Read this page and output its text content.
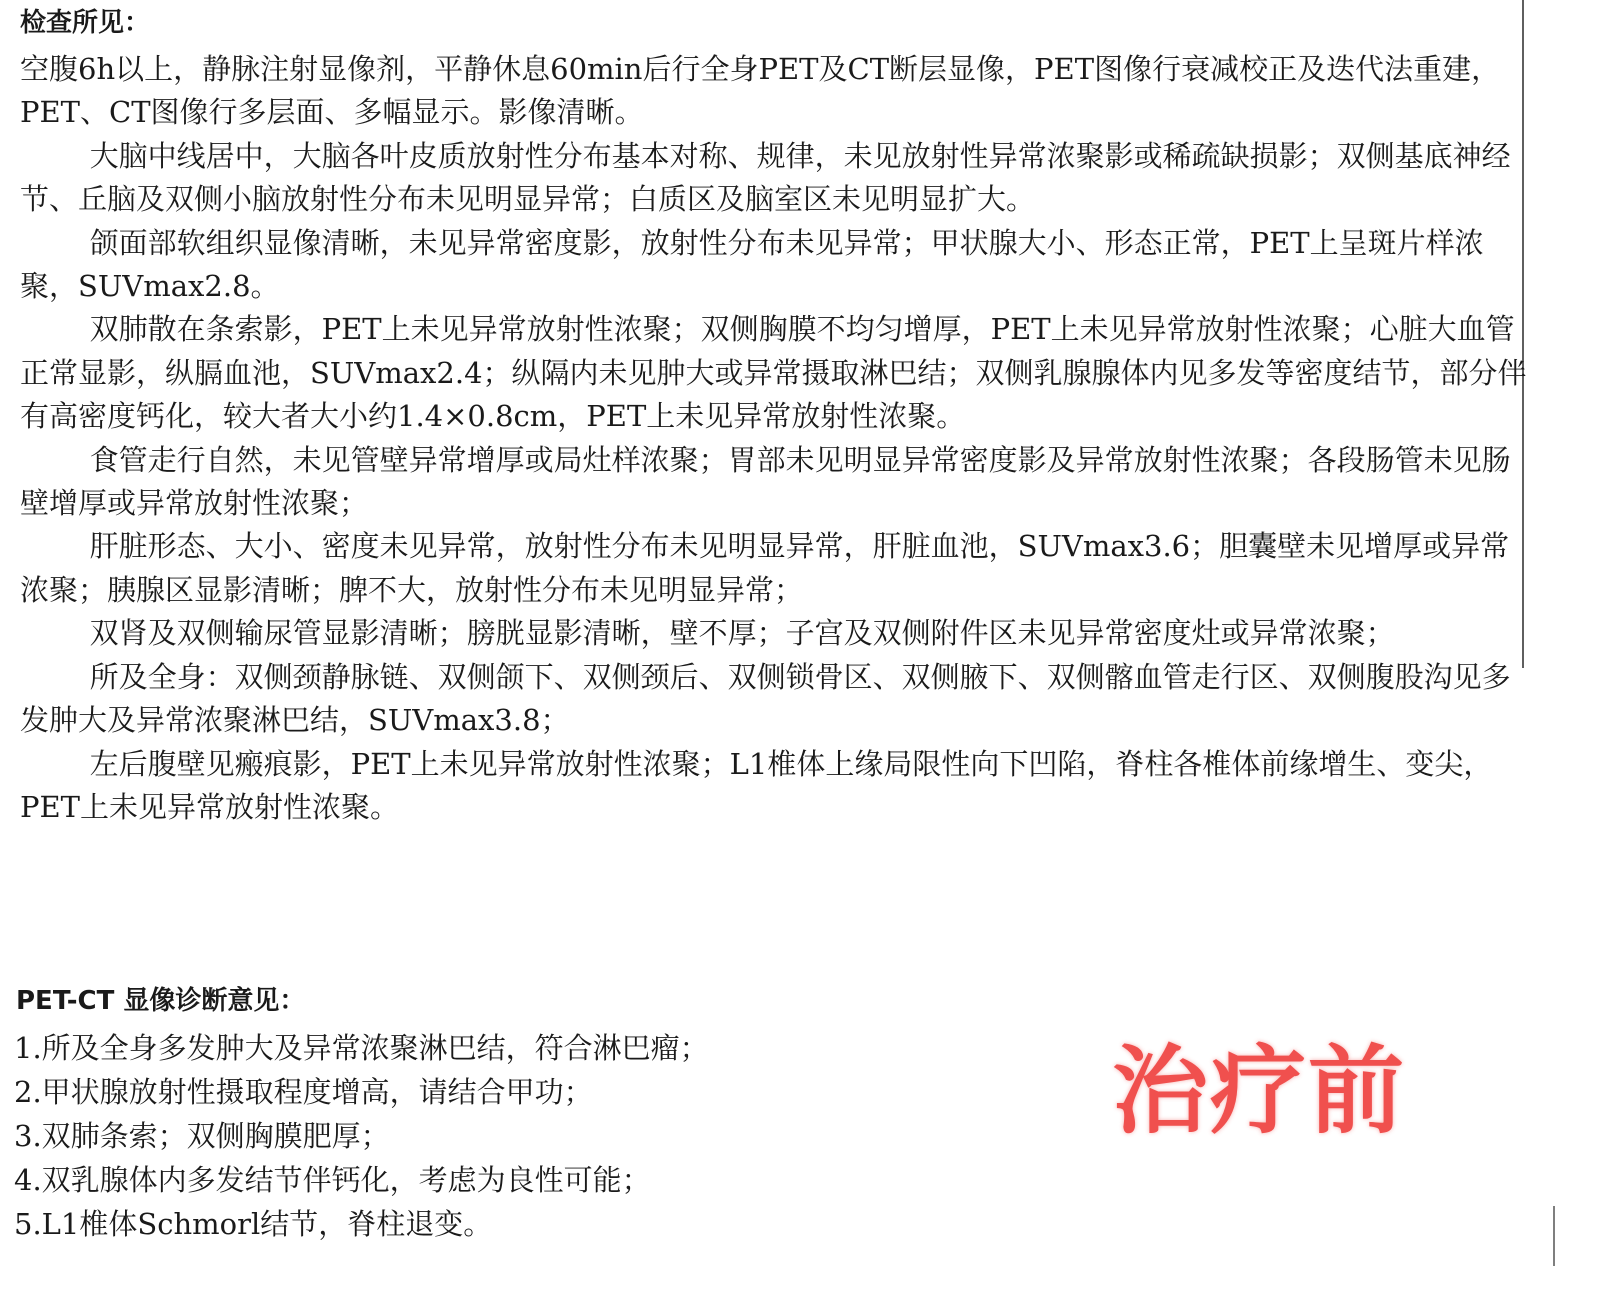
检查所见：

空腹6h以上，静脉注射显像剂，平静休息60min后行全身PET及CT断层显像，PET图像行衰减校正及迭代法重建，PET、CT图像行多层面、多幅显示。影像清晰。

大脑中线居中，大脑各叶皮质放射性分布基本对称、规律，未见放射性异常浓聚影或稀疏缺损影；双侧基底神经节、丘脑及双侧小脑放射性分布未见明显异常；白质区及脑室区未见明显扩大。

颌面部软组织显像清晰，未见异常密度影，放射性分布未见异常；甲状腺大小、形态正常，PET上呈斑片样浓聚，SUVmax2.8。

双肺散在条索影，PET上未见异常放射性浓聚；双侧胸膜不均匀增厚，PET上未见异常放射性浓聚；心脏大血管正常显影，纵膈血池，SUVmax2.4；纵隔内未见肿大或异常摄取淋巴结；双侧乳腺腺体内见多发等密度结节，部分伴有高密度钙化，较大者大小约1.4×0.8cm，PET上未见异常放射性浓聚。

食管走行自然，未见管壁异常增厚或局灶样浓聚；胃部未见明显异常密度影及异常放射性浓聚；各段肠管未见肠壁增厚或异常放射性浓聚；

肝脏形态、大小、密度未见异常，放射性分布未见明显异常，肝脏血池，SUVmax3.6；胆囊壁未见增厚或异常浓聚；胰腺区显影清晰；脾不大，放射性分布未见明显异常；

双肾及双侧输尿管显影清晰；膀胱显影清晰，壁不厚；子宫及双侧附件区未见异常密度灶或异常浓聚；

所及全身：双侧颈静脉链、双侧颌下、双侧颈后、双侧锁骨区、双侧腋下、双侧髂血管走行区、双侧腹股沟见多发肿大及异常浓聚淋巴结，SUVmax3.8；

左后腹壁见瘢痕影，PET上未见异常放射性浓聚；L1椎体上缘局限性向下凹陷，脊柱各椎体前缘增生、变尖，PET上未见异常放射性浓聚。

PET-CT 显像诊断意见：
1.所及全身多发肿大及异常浓聚淋巴结，符合淋巴瘤；
2.甲状腺放射性摄取程度增高，请结合甲功；
3.双肺条索；双侧胸膜肥厚；
4.双乳腺体内多发结节伴钙化，考虑为良性可能；
5.L1椎体Schmorl结节，脊柱退变。
治疗前
